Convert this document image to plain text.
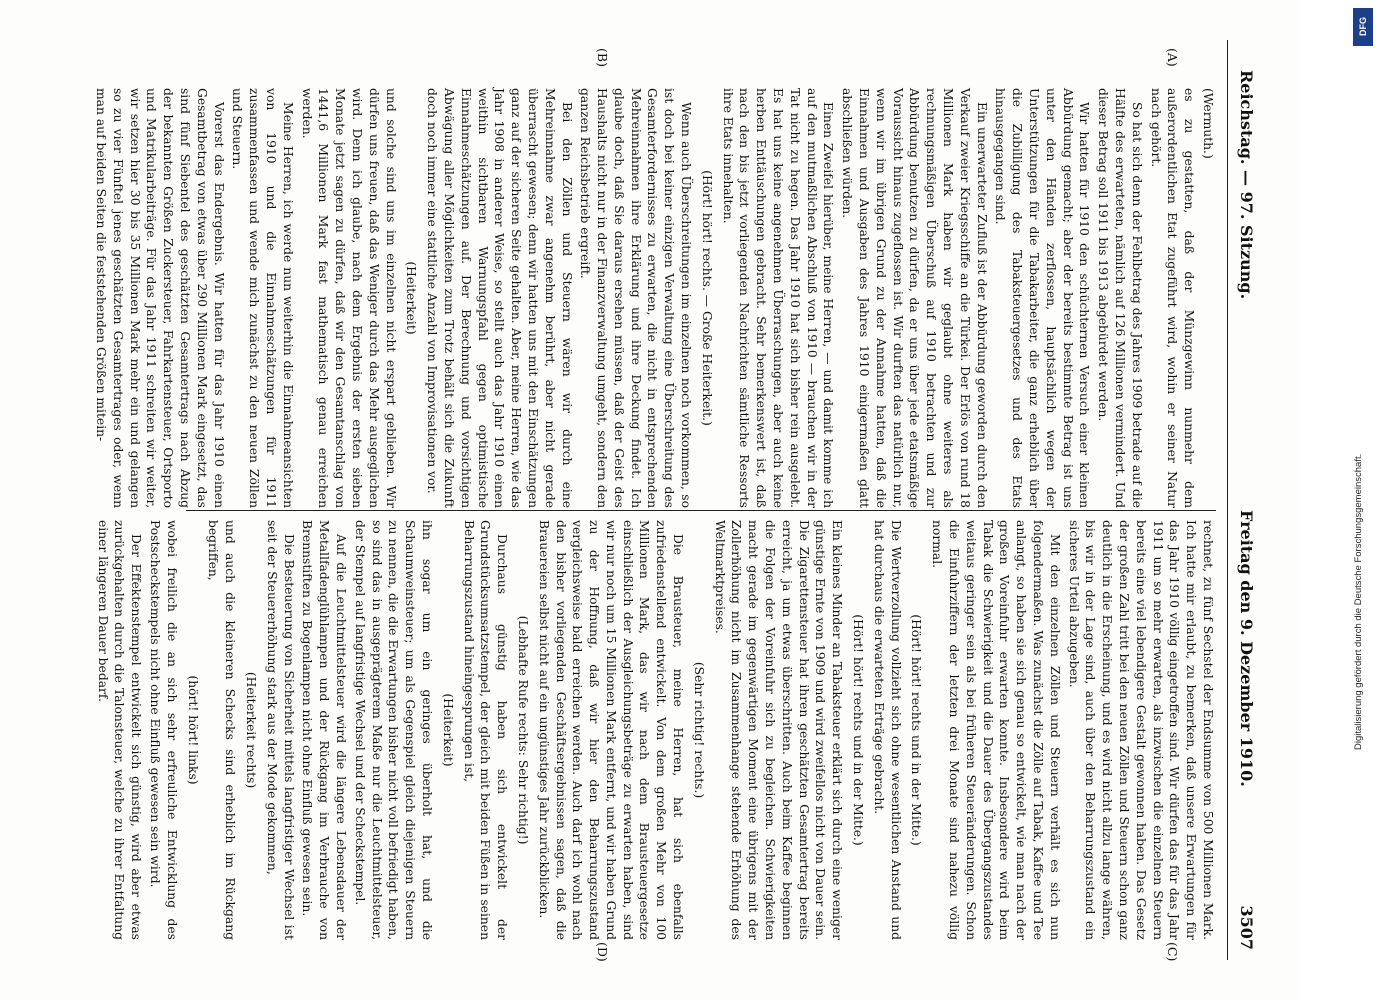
Reichstag. — 97. Sitzung.
Freitag den 9. Dezember 1910.
3507
(A)
(B)
(C)
(D)

(Wermuth.)

es zu gestatten, daß der Münzgewinn nunmehr dem außerordentlichen Etat zugeführt wird, wohin er seiner Natur nach gehört.

So hat sich denn der Fehlbetrag des Jahres 1909 betrade auf die Hälfte des erwarteten, nämlich auf 126 Millionen vermindert. Und dieser Betrag soll 1911 bis 1913 abgebürdet werden.

Wir hatten für 1910 den schüchternen Versuch einer kleinen Abbürdung gemacht; aber der bereits bestimmte Betrag ist uns unter den Händen zerflossen, hauptsächlich wegen der Unterstützungen für die Tabakarbeiter, die ganz erheblich über die Zubilligung des Tabaksteuergesetzes und des Etats hinausgegangen sind.

Ein unerwarteter Zufluß ist der Abbürdung geworden durch den Verkauf zweier Kriegsschiffe an die Türkei. Der Erlös von rund 18 Millionen Mark haben wir geglaubt ohne weiteres als rechnungsmäßigen Überschuß auf 1910 betrachten und zur Abbürdung benutzen zu dürfen, da er uns über jede etatsmäßige Voraussicht hinaus zugeflossen ist. Wir durften das natürlich nur, wenn wir im übrigen Grund zu der Annahme hatten, daß die Einnahmen und Ausgaben des Jahres 1910 einigermaßen glatt abschließen würden.

Einen Zweifel hierüber, meine Herren, — und damit komme ich auf den mutmaßlichen Abschluß von 1910 — brauchen wir in der Tat nicht zu hegen. Das Jahr 1910 hat sich bisher rein ausgelebt. Es hat uns keine angenehmen Überraschungen, aber auch keine herben Enttäuschungen gebracht. Sehr bemerkenswert ist, daß nach den bis jetzt vorliegenden Nachrichten sämtliche Ressorts ihre Etats innehalten.

(Hört! hört! rechts. — Große Heiterkeit.)

Wenn auch Überschreitungen im einzelnen noch vorkommen, so ist doch bei keiner einzigen Verwaltung eine Überschreitung des Gesamterfordernisses zu erwarten, die nicht in entsprechenden Mehreinnahmen ihre Erklärung und ihre Deckung findet. Ich glaube doch, daß Sie daraus ersehen müssen, daß der Geist des Haushalts nicht nur in der Finanzverwaltung umgeht, sondern den ganzen Reichsbetrieb ergreift.

Bei den Zöllen und Steuern wären wir durch eine Mehreinnahme zwar angenehm berührt, aber nicht gerade überrascht gewesen; denn wir hatten uns mit den Einschätzungen ganz auf der sicheren Seite gehalten. Aber, meine Herren, wie das Jahr 1908 in anderer Weise, so stellt auch das Jahr 1910 einen weithin sichtbaren Warnungspfahl gegen optimistische Einnahmeschätzungen auf. Der Berechnung und vorsichtigen Abwägung aller Möglichkeiten zum Trotz behält sich die Zukunft doch noch immer eine stattliche Anzahl von Improvisationen vor.

(Heiterkeit)

und solche sind uns im einzelnen nicht erspart geblieben. Wir dürfen uns freuen, daß das Weniger durch das Mehr ausgeglichen wird. Denn ich glaube, nach dem Ergebnis der ersten sieben Monate jetzt sagen zu dürfen, daß wir den Gesamtanschlag von 1441,6 Millionen Mark fast mathematisch genau erreichen werden.

Meine Herren, ich werde nun weiterhin die Einnahmeansichten von 1910 und die Einnahmeschätzungen für 1911 zusammenfassen und wende mich zunächst zu den neuen Zöllen und Steuern.

Vorerst das Endergebnis. Wir hatten für das Jahr 1910 einen Gesamtbetrag von etwas über 290 Millionen Mark eingesetzt, das sind fünf Siebentel des geschätzten Gesamtertrags nach Abzug der bekannten Größen Zuckersteuer, Fahrkartensteuer, Ortsporto und Matrikularbeiträge. Für das Jahr 1911 schreiten wir weiter, wir setzen hier 30 bis 35 Millionen Mark mehr ein und gelangen so zu vier Fünftel jenes geschätzten Gesamtertrages oder, wenn man auf beiden Seiten die feststehenden Größen mitein-

rechnet, zu fünf Sechstel der Endsumme von 500 Millionen Mark. Ich hatte mir erlaubt, zu bemerken, daß unsere Erwartungen für das Jahr 1910 völlig eingetroffen sind. Wir dürfen das für das Jahr 1911 um so mehr erwarten, als inzwischen die einzelnen Steuern bereits eine viel lebendigere Gestalt gewonnen haben. Das Gesetz der großen Zahl tritt bei den neuen Zöllen und Steuern schon ganz deutlich in die Erscheinung, und es wird nicht allzu lange währen, bis wir in der Lage sind, auch über den Beharrungszustand ein sicheres Urteil abzugeben.

Mit den einzelnen Zöllen und Steuern verhält es sich nun folgendermaßen. Was zunächst die Zölle auf Tabak, Kaffee und Tee anlangt, so haben sie sich genau so entwickelt, wie man nach der großen Voreinfuhr erwarten konnte. Insbesondere wird beim Tabak die Schwierigkeit und die Dauer des Übergangszustandes weitaus geringer sein als bei früheren Steueränderungen. Schon die Einfuhrziffern der letzten drei Monate sind nahezu völlig normal.

(Hört! hört! rechts und in der Mitte.)

Die Wertverzollung vollzieht sich ohne wesentlichen Anstand und hat durchaus die erwarteten Erträge gebracht.

(Hört! hört! rechts und in der Mitte.)

Ein kleines Minder an Tabaksteuer erklärt sich durch eine weniger günstige Ernte von 1909 und wird zweifellos nicht von Dauer sein. Die Zigarettensteuer hat ihren geschätzten Gesamtertrag bereits erreicht, ja um etwas überschritten. Auch beim Kaffee beginnen die Folgen der Voreinfuhr sich zu begleichen. Schwierigkeiten macht gerade im gegenwärtigen Moment eine übrigens mit der Zollerhöhung nicht im Zusammenhange stehende Erhöhung des Weltmarktpreises.

(Sehr richtig! rechts.)

Die Brausteuer, meine Herren, hat sich ebenfalls zufriedenstellend entwickelt. Von dem großen Mehr von 100 Millionen Mark, das wir nach dem Brausteuergesetze einschließlich der Ausgleichungsbeträge zu erwarten haben, sind wir nur noch um 15 Millionen Mark entfernt, und wir haben Grund zu der Hoffnung, daß wir hier den Beharrungszustand vergleichsweise bald erreichen werden. Auch darf ich wohl nach den bisher vorliegenden Geschäftsergebnissen sagen, daß die Brauereien selbst nicht auf ein ungünstiges Jahr zurückblicken.

(Lebhafte Rufe rechts: Sehr richtig!)

Durchaus günstig haben sich entwickelt der Grundstücksumsatzstempel, der gleich mit beiden Füßen in seinen Beharrungszustand hineingesprungen ist,

(Heiterkeit)

ihn sogar um ein geringes überholt hat, und die Schaumweinsteuer; um als Gegenspiel gleich diejenigen Steuern zu nennen, die die Erwartungen bisher nicht voll befriedigt haben, so sind das in ausgeprägterem Maße nur die Leuchtmittelsteuer, der Stempel auf langfristige Wechsel und der Scheckstempel.

Auf die Leuchtmittelsteuer wird die längere Lebensdauer der Metallfadenglühlampen und der Rückgang im Verbrauche von Brennstiften zu Bogenlampen nicht ohne Einfluß gewesen sein.

Die Besteuerung von Sicherheit mittels langfristiger Wechsel ist seit der Steuererhöhung stark aus der Mode gekommen,

(Heiterkeit rechts)

und auch die kleineren Schecks sind erheblich im Rückgang begriffen,

(hört! hört! links)

wobei freilich die an sich sehr erfreuliche Entwicklung des Postscheckstempels nicht ohne Einfluß gewesen sein wird.

Der Effektenstempel entwickelt sich günstig, wird aber etwas zurückgehalten durch die Talonsteuer, welche zu ihrer Entfaltung einer längeren Dauer bedarf.

DFG
Digitalisierung gefördert durch die Deutsche Forschungsgemeinschaft.
